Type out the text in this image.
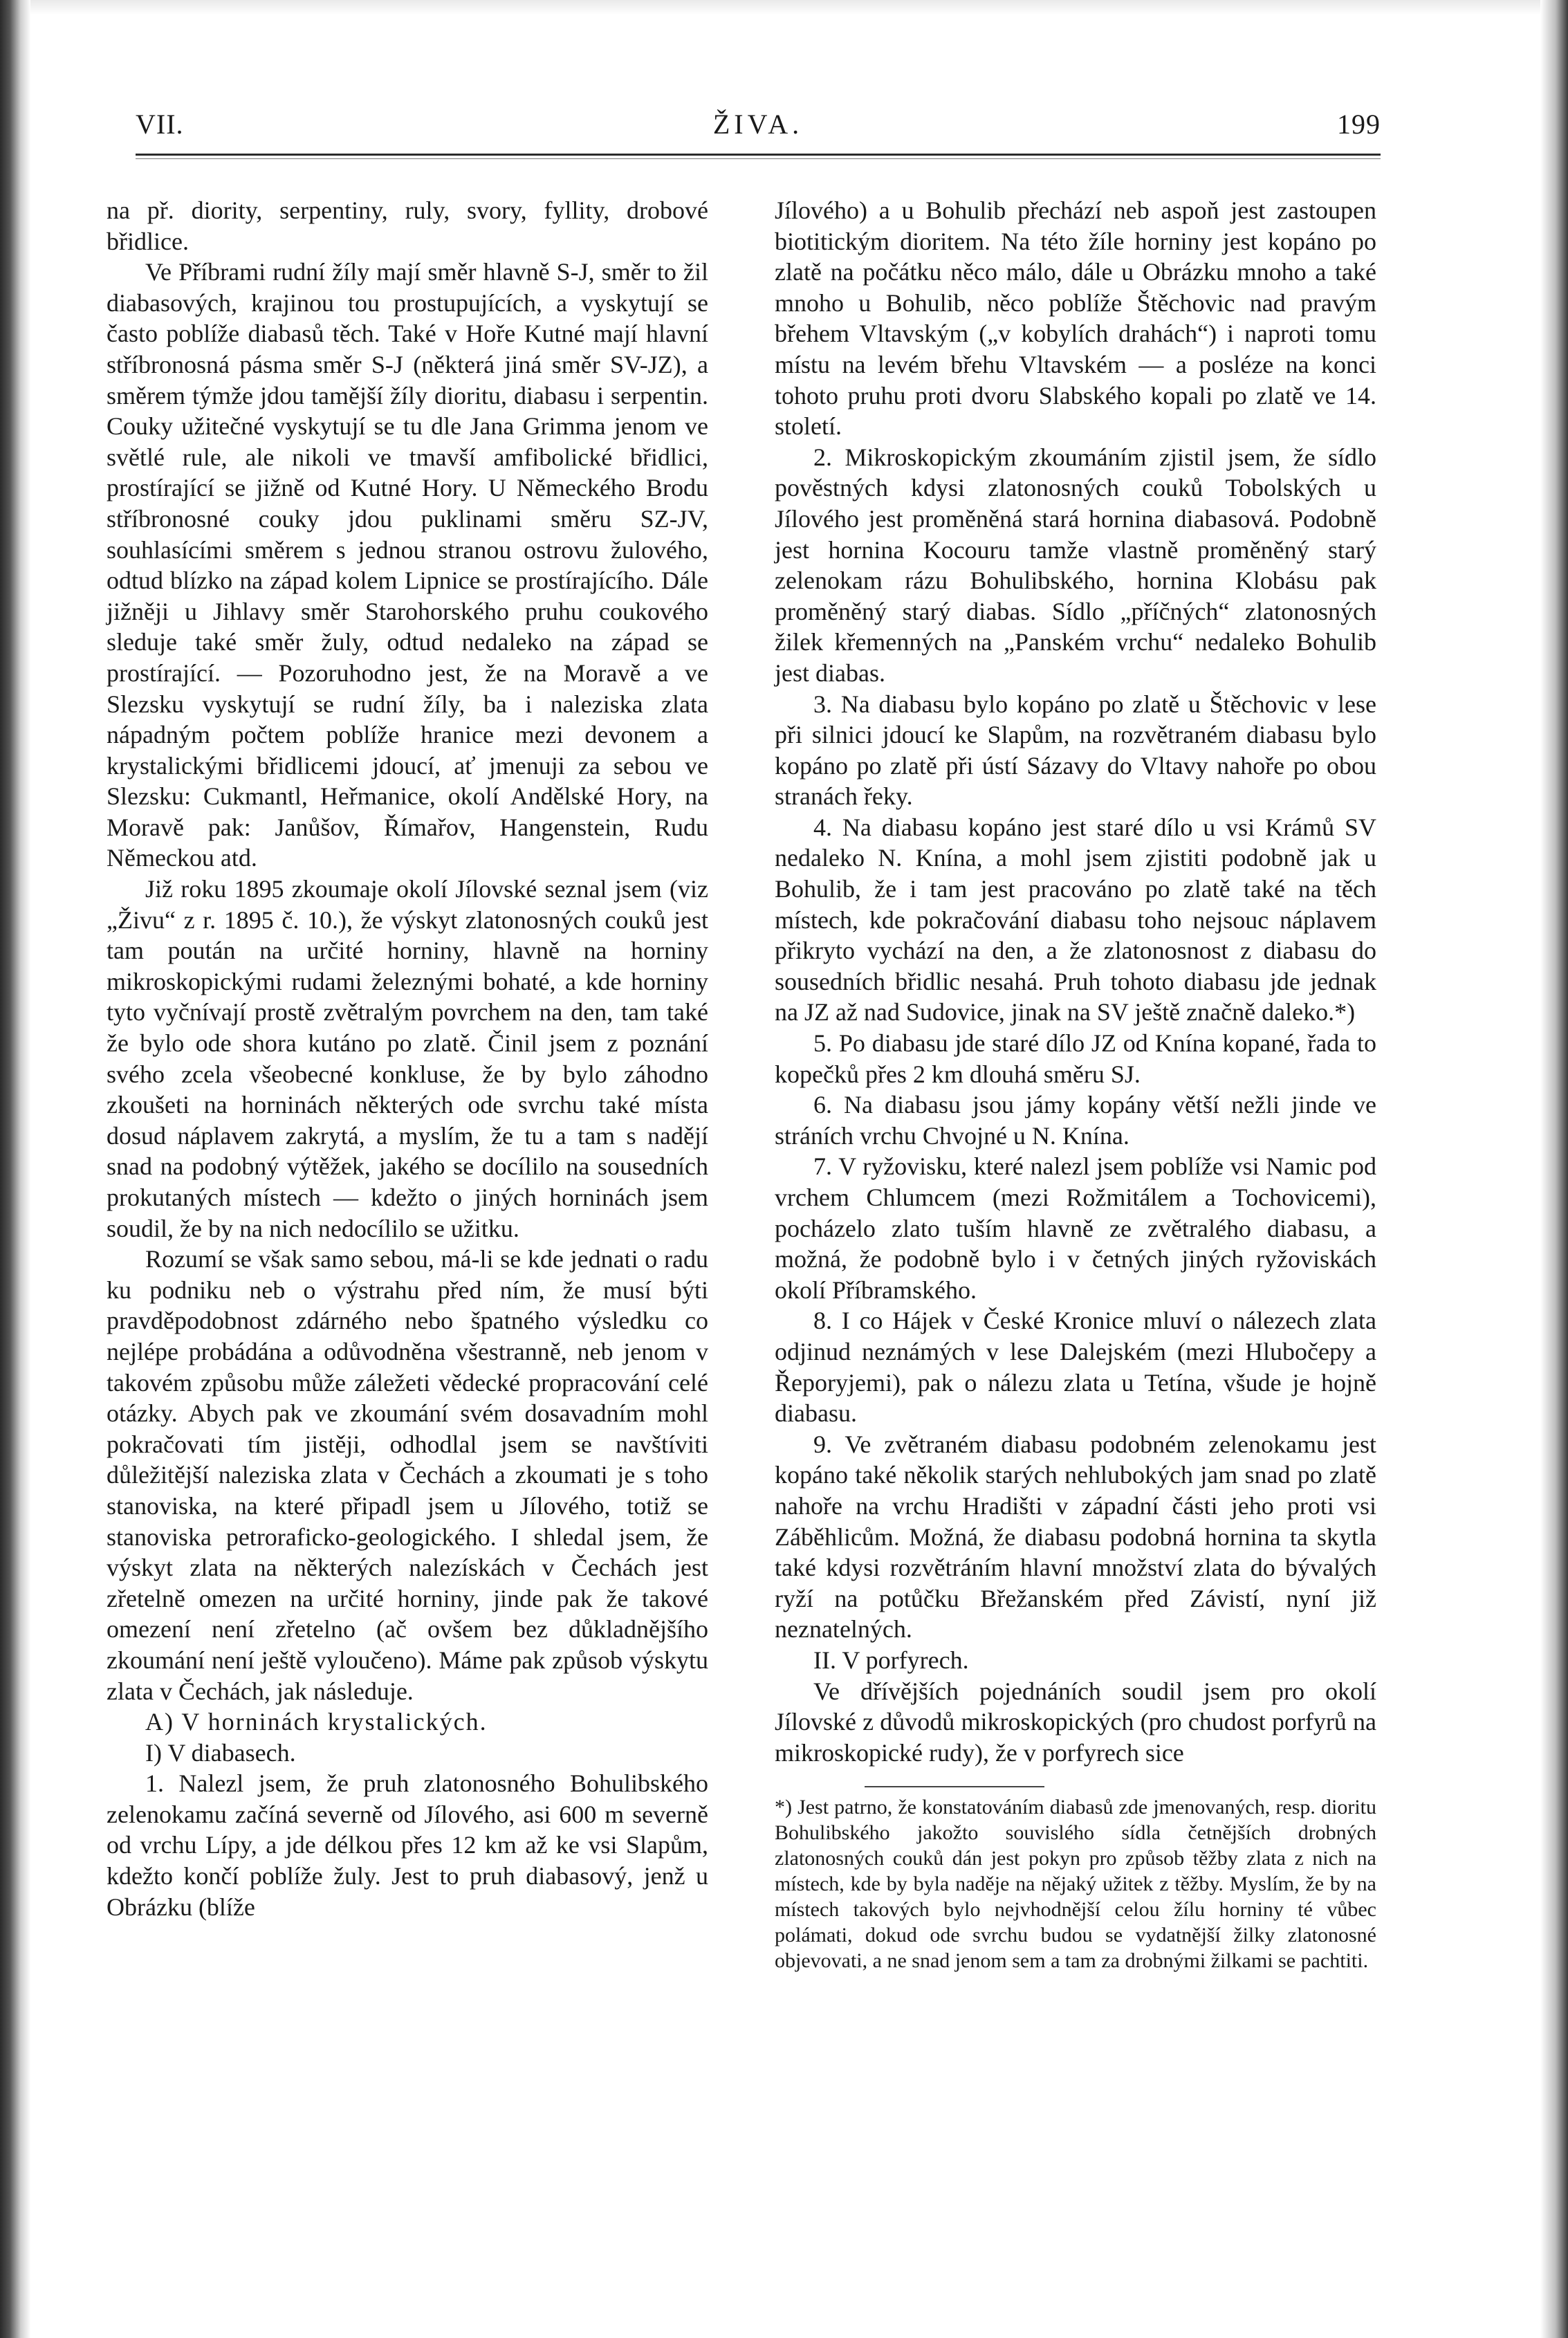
VII.	ŽIVA.	199

na př. diority, serpentiny, ruly, svory, fyllity, drobové břidlice.

Ve Příbrami rudní žíly mají směr hlavně S-J, směr to žil diabasových, krajinou tou prostupujících, a vyskytují se často poblíže diabasů těch. Také v Hoře Kutné mají hlavní stříbronosná pásma směr S-J (některá jiná směr SV-JZ), a směrem týmže jdou tamější žíly dioritu, diabasu i serpentin. Couky užitečné vyskytují se tu dle Jana Grimma jenom ve světlé rule, ale nikoli ve tmavší amfibolické břidlici, prostírající se jižně od Kutné Hory. U Německého Brodu stříbronosné couky jdou puklinami směru SZ-JV, souhlasícími směrem s jednou stranou ostrovu žulového, odtud blízko na západ kolem Lipnice se prostírajícího. Dále jižněji u Jihlavy směr Starohorského pruhu coukového sleduje také směr žuly, odtud nedaleko na západ se prostírající. — Pozoruhodno jest, že na Moravě a ve Slezsku vyskytují se rudní žíly, ba i naleziska zlata nápadným počtem poblíže hranice mezi devonem a krystalickými břidlicemi jdoucí, ať jmenuji za sebou ve Slezsku: Cukmantl, Heřmanice, okolí Andělské Hory, na Moravě pak: Janůšov, Římařov, Hangenstein, Rudu Německou atd.

Již roku 1895 zkoumaje okolí Jílovské seznal jsem (viz „Živu“ z r. 1895 č. 10.), že výskyt zlatonosných couků jest tam poután na určité horniny, hlavně na horniny mikroskopickými rudami železnými bohaté, a kde horniny tyto vyčnívají prostě zvětralým povrchem na den, tam také že bylo ode shora kutáno po zlatě. Činil jsem z poznání svého zcela všeobecné konkluse, že by bylo záhodno zkoušeti na horninách některých ode svrchu také místa dosud náplavem zakrytá, a myslím, že tu a tam s nadějí snad na podobný výtěžek, jakého se docílilo na sousedních prokutaných místech — kdežto o jiných horninách jsem soudil, že by na nich nedocílilo se užitku.

Rozumí se však samo sebou, má-li se kde jednati o radu ku podniku neb o výstrahu před ním, že musí býti pravděpodobnost zdárného nebo špatného výsledku co nejlépe probádána a odůvodněna všestranně, neb jenom v takovém způsobu může záležeti vědecké propracování celé otázky. Abych pak ve zkoumání svém dosavadním mohl pokračovati tím jistěji, odhodlal jsem se navštíviti důležitější naleziska zlata v Čechách a zkoumati je s toho stanoviska, na které připadl jsem u Jílového, totiž se stanoviska petroraficko-geologického. I shledal jsem, že výskyt zlata na některých nalezískách v Čechách jest zřetelně omezen na určité horniny, jinde pak že takové omezení není zřetelno (ač ovšem bez důkladnějšího zkoumání není ještě vyloučeno). Máme pak způsob výskytu zlata v Čechách, jak následuje.

A) V horninách krystalických.

I) V diabasech.

1. Nalezl jsem, že pruh zlatonosného Bohulibského zelenokamu začíná severně od Jílového, asi 600 m severně od vrchu Lípy, a jde délkou přes 12 km až ke vsi Slapům, kdežto končí poblíže žuly. Jest to pruh diabasový, jenž u Obrázku (blíže

Jílového) a u Bohulib přechází neb aspoň jest zastoupen biotitickým dioritem. Na této žíle horniny jest kopáno po zlatě na počátku něco málo, dále u Obrázku mnoho a také mnoho u Bohulib, něco poblíže Štěchovic nad pravým břehem Vltavským („v kobylích drahách“) i naproti tomu místu na levém břehu Vltavském — a posléze na konci tohoto pruhu proti dvoru Slabského kopali po zlatě ve 14. století.

2. Mikroskopickým zkoumáním zjistil jsem, že sídlo pověstných kdysi zlatonosných couků Tobolských u Jílového jest proměněná stará hornina diabasová. Podobně jest hornina Kocouru tamže vlastně proměněný starý zelenokam rázu Bohulibského, hornina Klobásu pak proměněný starý diabas. Sídlo „příčných“ zlatonosných žilek křemenných na „Panském vrchu“ nedaleko Bohulib jest diabas.

3. Na diabasu bylo kopáno po zlatě u Štěchovic v lese při silnici jdoucí ke Slapům, na rozvětraném diabasu bylo kopáno po zlatě při ústí Sázavy do Vltavy nahoře po obou stranách řeky.

4. Na diabasu kopáno jest staré dílo u vsi Krámů SV nedaleko N. Knína, a mohl jsem zjistiti podobně jak u Bohulib, že i tam jest pracováno po zlatě také na těch místech, kde pokračování diabasu toho nejsouc náplavem přikryto vychází na den, a že zlatonosnost z diabasu do sousedních břidlic nesahá. Pruh tohoto diabasu jde jednak na JZ až nad Sudovice, jinak na SV ještě značně daleko.*)

5. Po diabasu jde staré dílo JZ od Knína kopané, řada to kopečků přes 2 km dlouhá směru SJ.

6. Na diabasu jsou jámy kopány větší nežli jinde ve stráních vrchu Chvojné u N. Knína.

7. V ryžovisku, které nalezl jsem poblíže vsi Namic pod vrchem Chlumcem (mezi Rožmitálem a Tochovicemi), pocházelo zlato tuším hlavně ze zvětralého diabasu, a možná, že podobně bylo i v četných jiných ryžoviskách okolí Příbramského.

8. I co Hájek v České Kronice mluví o nálezech zlata odjinud neznámých v lese Dalejském (mezi Hlubočepy a Řeporyjemi), pak o nálezu zlata u Tetína, všude je hojně diabasu.

9. Ve zvětraném diabasu podobném zelenokamu jest kopáno také několik starých nehlubokých jam snad po zlatě nahoře na vrchu Hradišti v západní části jeho proti vsi Záběhlicům. Možná, že diabasu podobná hornina ta skytla také kdysi rozvětráním hlavní množství zlata do bývalých ryží na potůčku Břežanském před Závistí, nyní již neznatelných.

II. V porfyrech.

Ve dřívějších pojednáních soudil jsem pro okolí Jílovské z důvodů mikroskopických (pro chudost porfyrů na mikroskopické rudy), že v porfyrech sice

*) Jest patrno, že konstatováním diabasů zde jmenovaných, resp. dioritu Bohulibského jakožto souvislého sídla četnějších drobných zlatonosných couků dán jest pokyn pro způsob těžby zlata z nich na místech, kde by byla naděje na nějaký užitek z těžby. Myslím, že by na místech takových bylo nejvhodnější celou žílu horniny té vůbec polámati, dokud ode svrchu budou se vydatnější žilky zlatonosné objevovati, a ne snad jenom sem a tam za drobnými žilkami se pachtiti.
